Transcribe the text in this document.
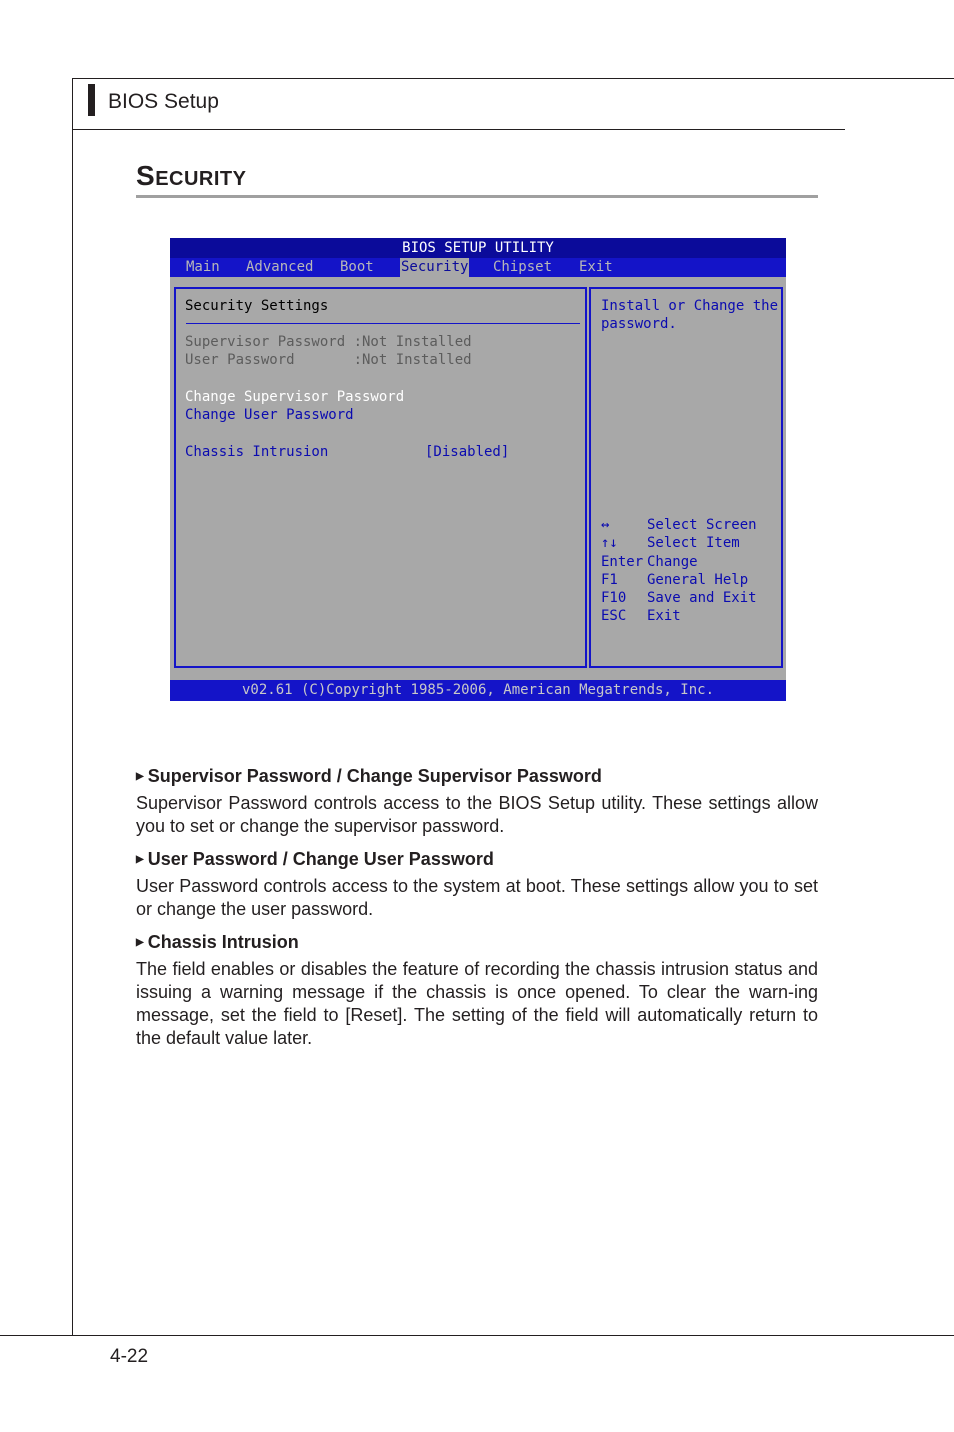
BIOS Setup
SECURITY
BIOS SETUP UTILITY
Main Advanced Boot Security Chipset Exit
Security Settings
Supervisor Password :Not Installed
User Password       :Not Installed
Change Supervisor Password
Change User Password
Chassis Intrusion	[Disabled]
Install or Change the
password.
↔	Select Screen
↑↓ Select Item
Enter Change
F1 General Help
F10 Save and Exit
ESC Exit
v02.61 (C)Copyright 1985-2006, American Megatrends, Inc.
▶ Supervisor Password / Change Supervisor Password

Supervisor Password controls access to the BIOS Setup utility. These settings allow you to set or change the supervisor password.

▶ User Password / Change User Password

User Password controls access to the system at boot. These settings allow you to set or change the user password.

▶ Chassis Intrusion

The field enables or disables the feature of recording the chassis intrusion status and issuing a warning message if the chassis is once opened. To clear the warn-ing message, set the field to [Reset]. The setting of the field will automatically return to the default value later.

4-22
